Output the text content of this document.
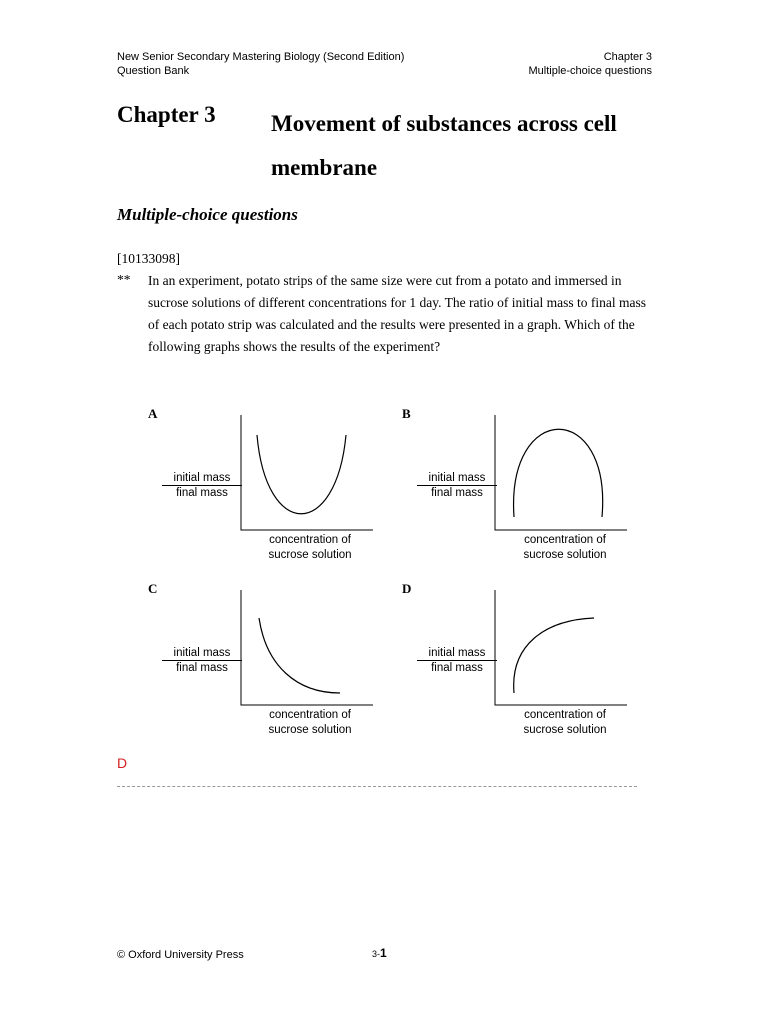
New Senior Secondary Mastering Biology (Second Edition)
Question Bank
Chapter 3
Multiple-choice questions
Chapter 3 Movement of substances across cell membrane
Multiple-choice questions
[10133098]
** In an experiment, potato strips of the same size were cut from a potato and immersed in sucrose solutions of different concentrations for 1 day. The ratio of initial mass to final mass of each potato strip was calculated and the results were presented in a graph. Which of the following graphs shows the results of the experiment?
A
initial mass
final mass
concentration of
sucrose solution
B
initial mass
final mass
concentration of
sucrose solution
C
initial mass
final mass
concentration of
sucrose solution
D
initial mass
final mass
concentration of
sucrose solution
D
© Oxford University Press	3-1
